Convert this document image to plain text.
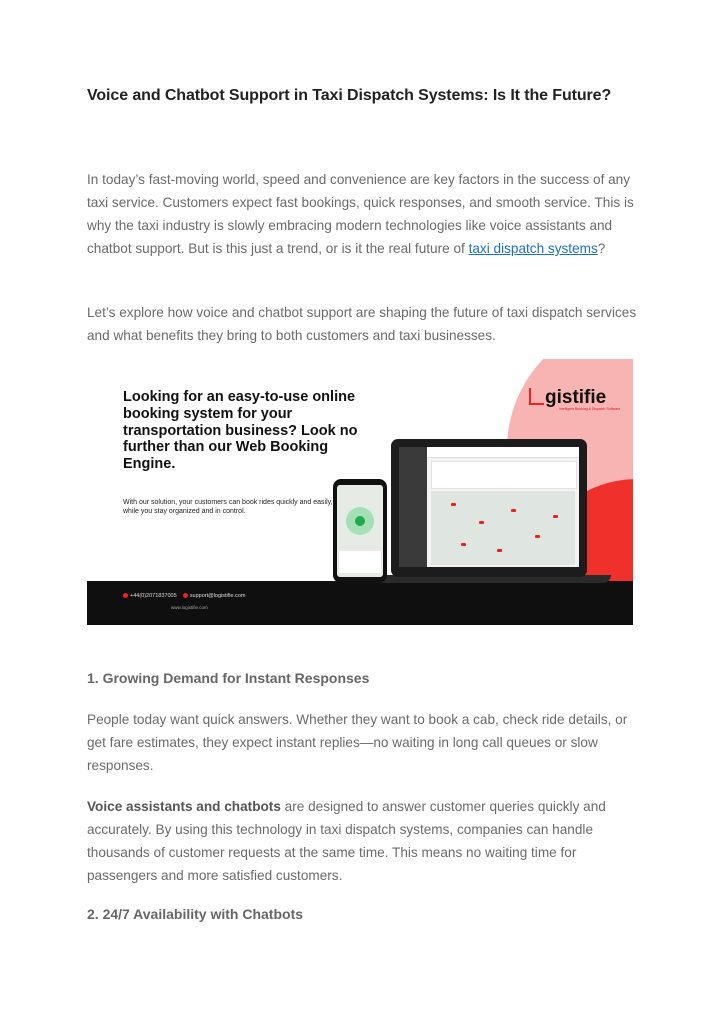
Voice and Chatbot Support in Taxi Dispatch Systems: Is It the Future?

In today’s fast-moving world, speed and convenience are key factors in the success of any taxi service. Customers expect fast bookings, quick responses, and smooth service. This is why the taxi industry is slowly embracing modern technologies like voice assistants and chatbot support. But is this just a trend, or is it the real future of taxi dispatch systems?

Let’s explore how voice and chatbot support are shaping the future of taxi dispatch services and what benefits they bring to both customers and taxi businesses.

Looking for an easy-to-use online booking system for your transportation business? Look no further than our Web Booking Engine.

With our solution, your customers can book rides quickly and easily, while you stay organized and in control.

gistifie
Intelligent Booking & Dispatch Software
+44(0)2071837005 support@logistifie.com
www.logistifie.com
1. Growing Demand for Instant Responses

People today want quick answers. Whether they want to book a cab, check ride details, or get fare estimates, they expect instant replies—no waiting in long call queues or slow responses.

Voice assistants and chatbots are designed to answer customer queries quickly and accurately. By using this technology in taxi dispatch systems, companies can handle thousands of customer requests at the same time. This means no waiting time for passengers and more satisfied customers.

2. 24/7 Availability with Chatbots
